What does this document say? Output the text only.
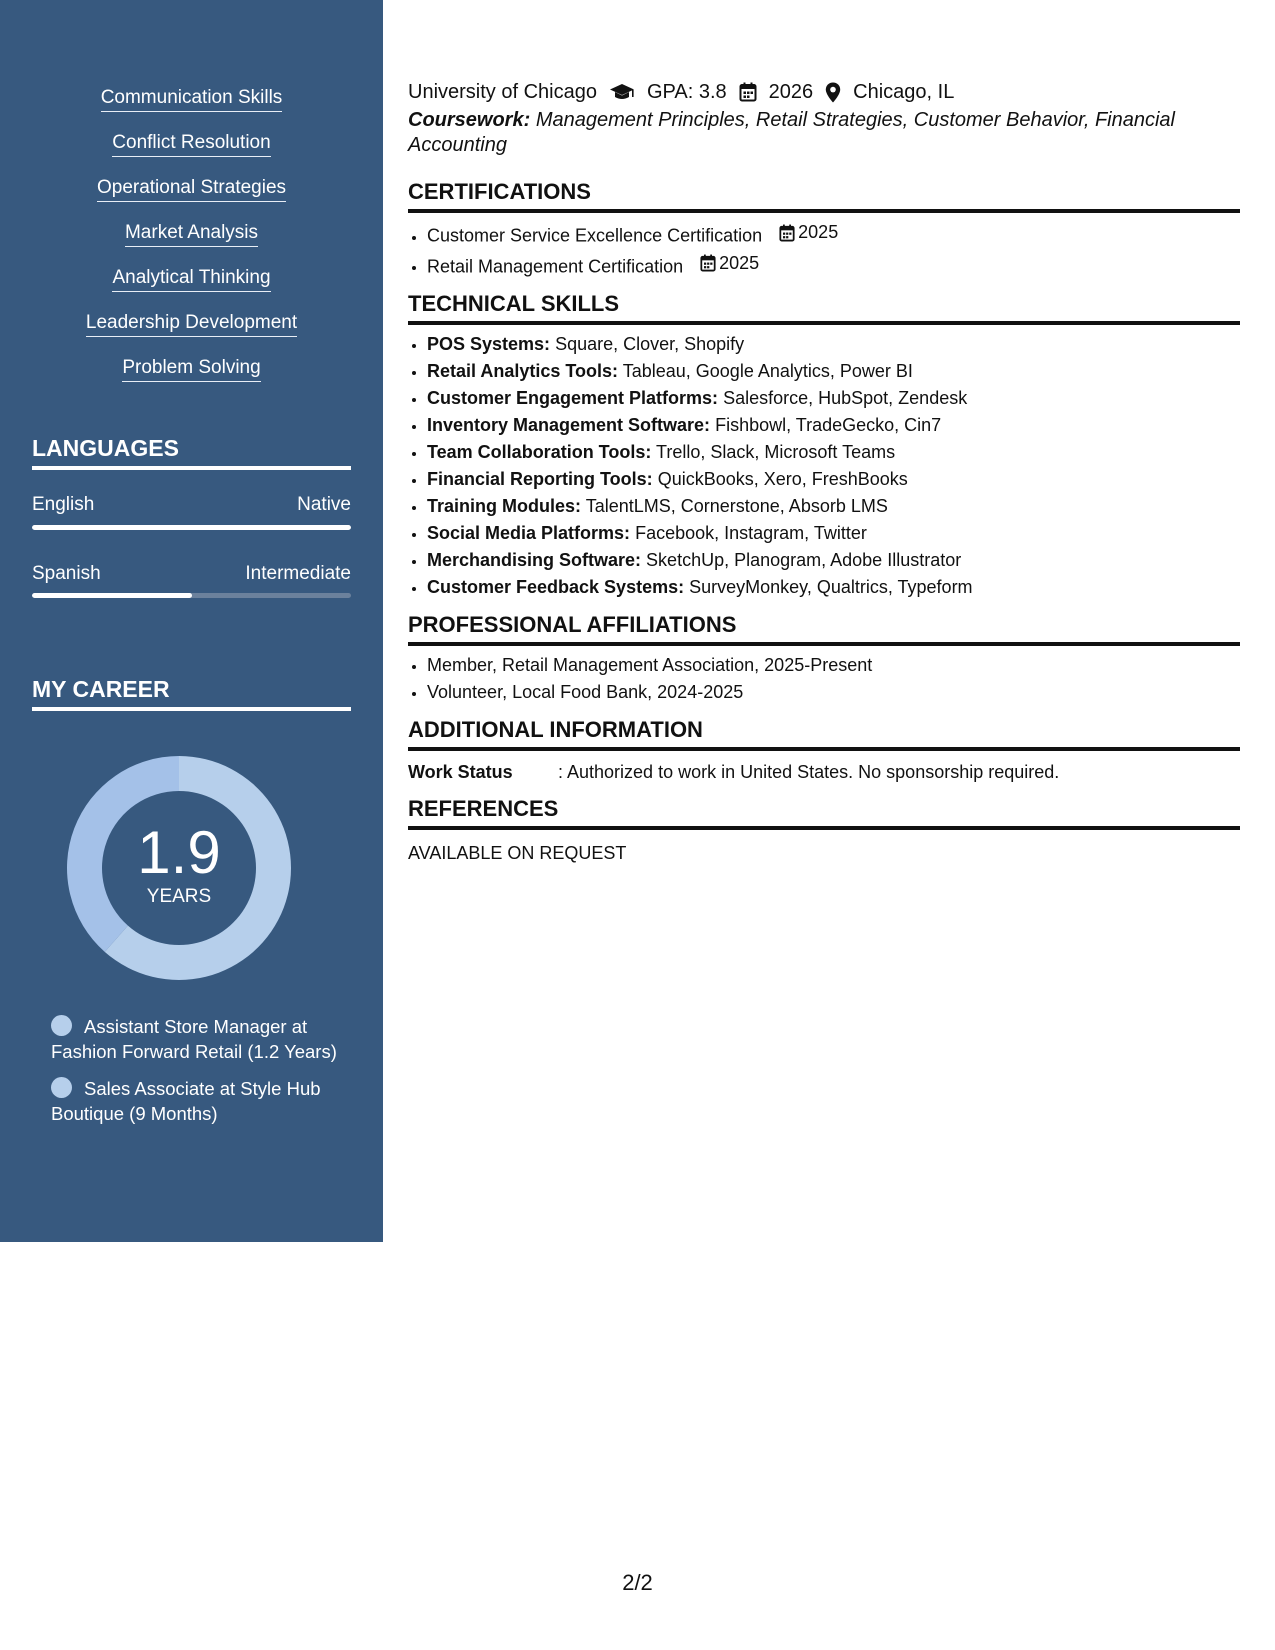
Communication Skills
Conflict Resolution
Operational Strategies
Market Analysis
Analytical Thinking
Leadership Development
Problem Solving
LANGUAGES
English	Native
Spanish	Intermediate
MY CAREER
1.9
YEARS
Assistant Store Manager at Fashion Forward Retail (1.2 Years)
Sales Associate at Style Hub Boutique (9 Months)
University of Chicago	GPA: 3.8 2026 Chicago, IL
Coursework: Management Principles, Retail Strategies, Customer Behavior, Financial Accounting
CERTIFICATIONS
• Customer Service Excellence Certification 2025
• Retail Management Certification 2025
TECHNICAL SKILLS
• POS Systems: Square, Clover, Shopify
• Retail Analytics Tools: Tableau, Google Analytics, Power BI
• Customer Engagement Platforms: Salesforce, HubSpot, Zendesk
• Inventory Management Software: Fishbowl, TradeGecko, Cin7
• Team Collaboration Tools: Trello, Slack, Microsoft Teams
• Financial Reporting Tools: QuickBooks, Xero, FreshBooks
• Training Modules: TalentLMS, Cornerstone, Absorb LMS
• Social Media Platforms: Facebook, Instagram, Twitter
• Merchandising Software: SketchUp, Planogram, Adobe Illustrator
• Customer Feedback Systems: SurveyMonkey, Qualtrics, Typeform
PROFESSIONAL AFFILIATIONS
• Member, Retail Management Association, 2025-Present
• Volunteer, Local Food Bank, 2024-2025
ADDITIONAL INFORMATION
Work Status	: Authorized to work in United States. No sponsorship required.
REFERENCES
AVAILABLE ON REQUEST
2/2
